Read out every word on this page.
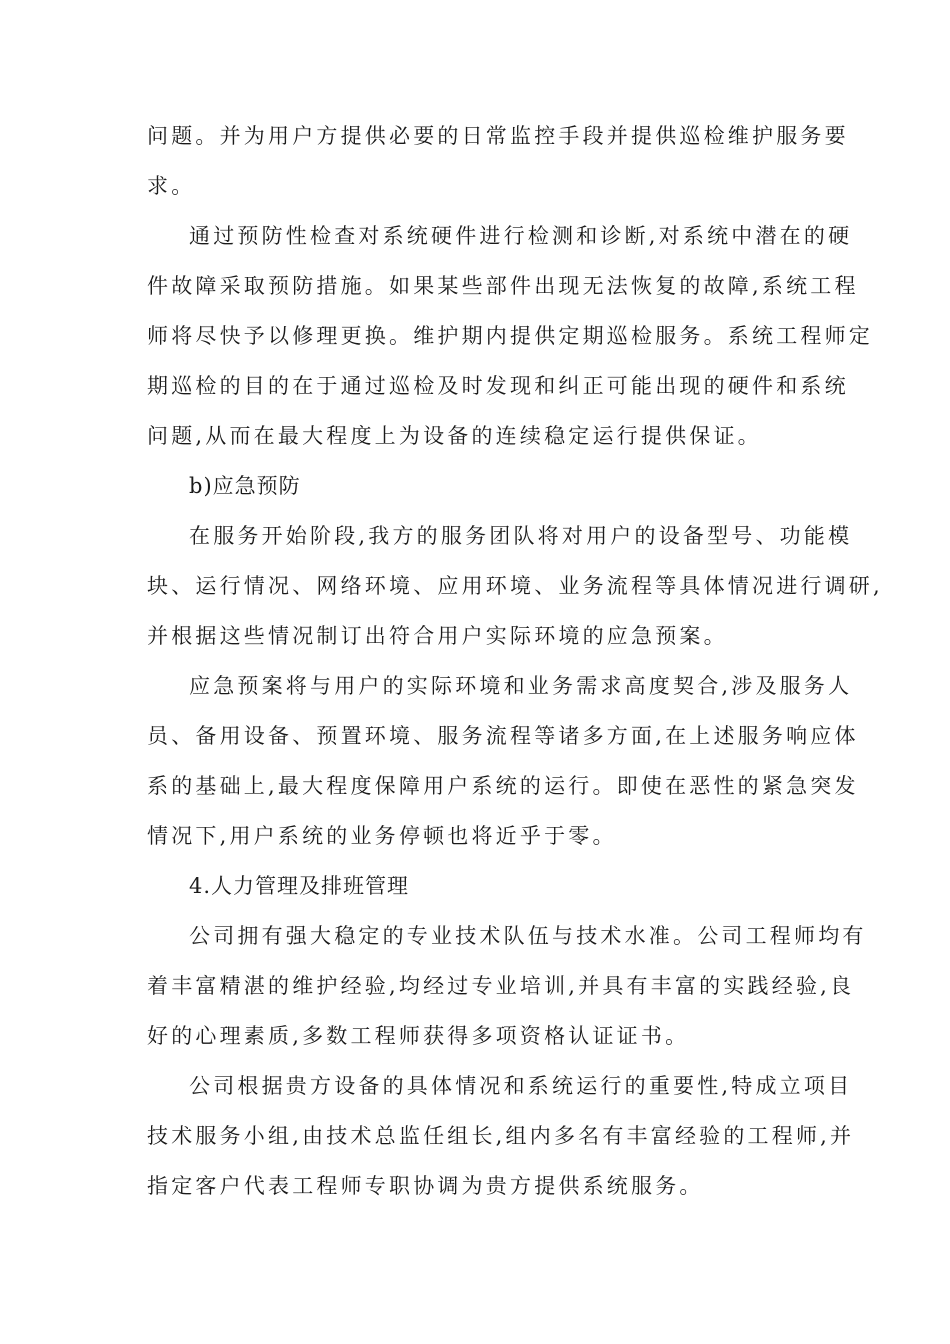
问题。并为用户方提供必要的日常监控手段并提供巡检维护服务要
求。
通过预防性检查对系统硬件进行检测和诊断,对系统中潜在的硬
件故障采取预防措施。如果某些部件出现无法恢复的故障,系统工程
师将尽快予以修理更换。维护期内提供定期巡检服务。系统工程师定
期巡检的目的在于通过巡检及时发现和纠正可能出现的硬件和系统
问题,从而在最大程度上为设备的连续稳定运行提供保证。
b)应急预防
在服务开始阶段,我方的服务团队将对用户的设备型号、功能模
块、运行情况、网络环境、应用环境、业务流程等具体情况进行调研,
并根据这些情况制订出符合用户实际环境的应急预案。
应急预案将与用户的实际环境和业务需求高度契合,涉及服务人
员、备用设备、预置环境、服务流程等诸多方面,在上述服务响应体
系的基础上,最大程度保障用户系统的运行。即使在恶性的紧急突发
情况下,用户系统的业务停顿也将近乎于零。
4.人力管理及排班管理
公司拥有强大稳定的专业技术队伍与技术水准。公司工程师均有
着丰富精湛的维护经验,均经过专业培训,并具有丰富的实践经验,良
好的心理素质,多数工程师获得多项资格认证证书。
公司根据贵方设备的具体情况和系统运行的重要性,特成立项目
技术服务小组,由技术总监任组长,组内多名有丰富经验的工程师,并
指定客户代表工程师专职协调为贵方提供系统服务。
